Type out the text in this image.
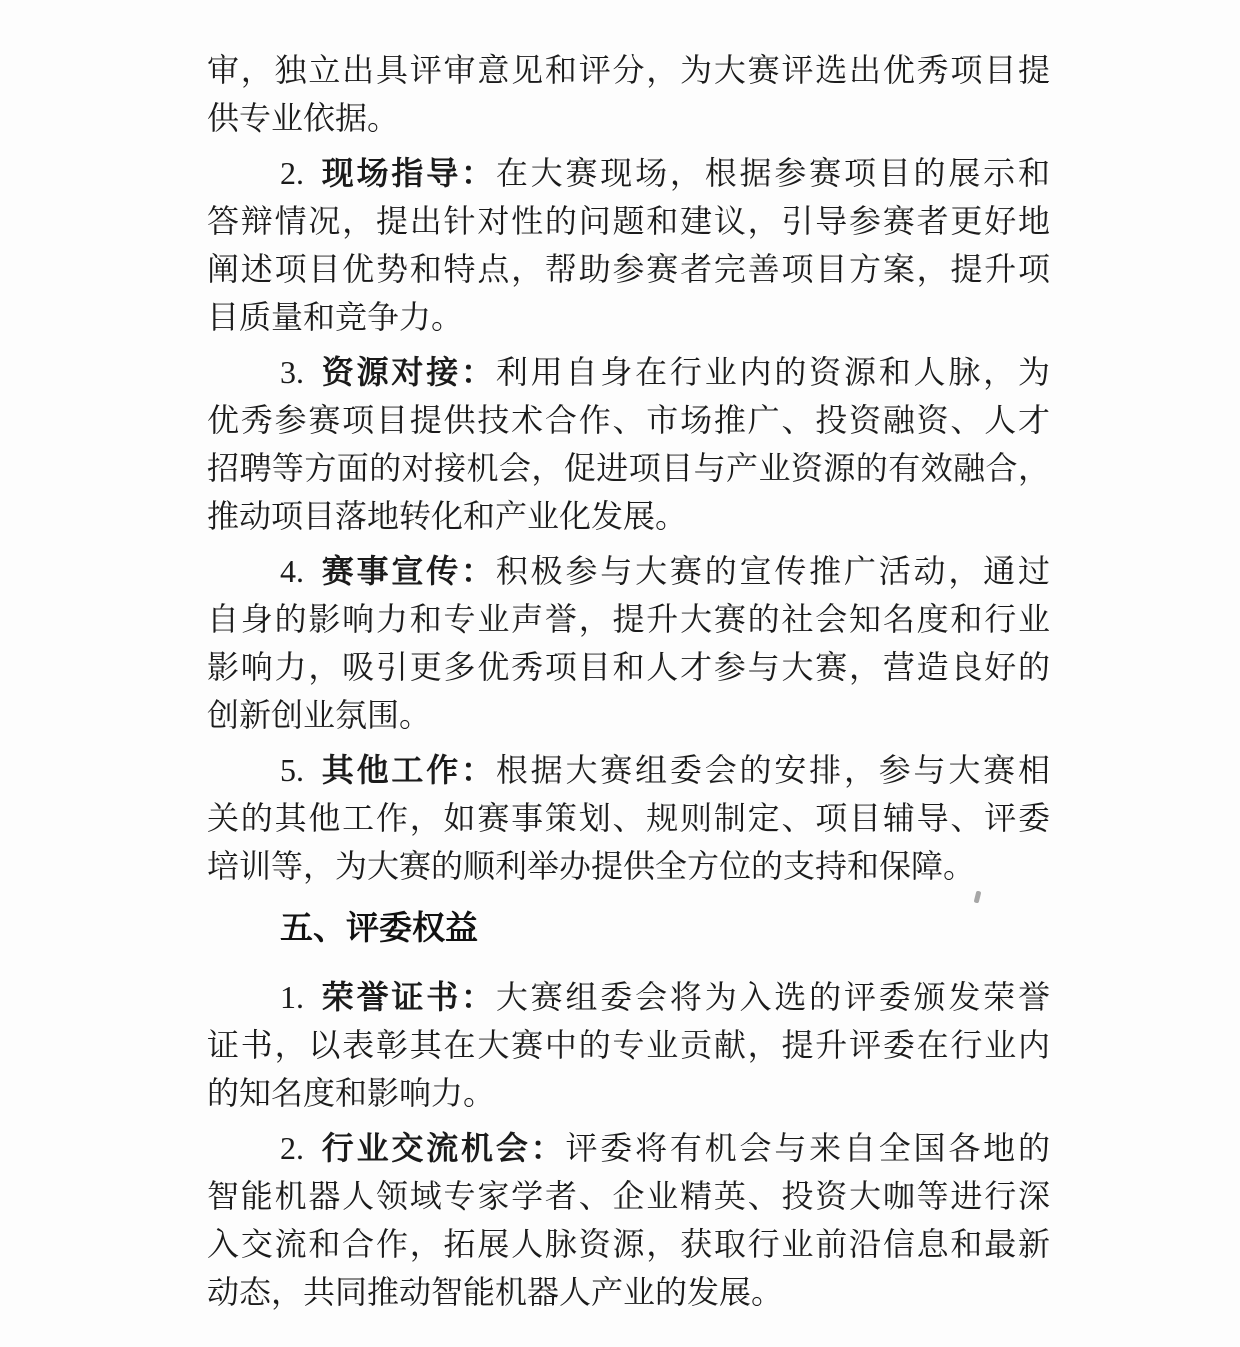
审，独立出具评审意见和评分，为大赛评选出优秀项目提
供专业依据。
2. 现场指导：在大赛现场，根据参赛项目的展示和
答辩情况，提出针对性的问题和建议，引导参赛者更好地
阐述项目优势和特点，帮助参赛者完善项目方案，提升项
目质量和竞争力。
3. 资源对接：利用自身在行业内的资源和人脉，为
优秀参赛项目提供技术合作、市场推广、投资融资、人才
招聘等方面的对接机会，促进项目与产业资源的有效融合，
推动项目落地转化和产业化发展。
4. 赛事宣传：积极参与大赛的宣传推广活动，通过
自身的影响力和专业声誉，提升大赛的社会知名度和行业
影响力，吸引更多优秀项目和人才参与大赛，营造良好的
创新创业氛围。
5. 其他工作：根据大赛组委会的安排，参与大赛相
关的其他工作，如赛事策划、规则制定、项目辅导、评委
培训等，为大赛的顺利举办提供全方位的支持和保障。
五、评委权益
1. 荣誉证书：大赛组委会将为入选的评委颁发荣誉
证书，以表彰其在大赛中的专业贡献，提升评委在行业内
的知名度和影响力。
2. 行业交流机会：评委将有机会与来自全国各地的
智能机器人领域专家学者、企业精英、投资大咖等进行深
入交流和合作，拓展人脉资源，获取行业前沿信息和最新
动态，共同推动智能机器人产业的发展。
